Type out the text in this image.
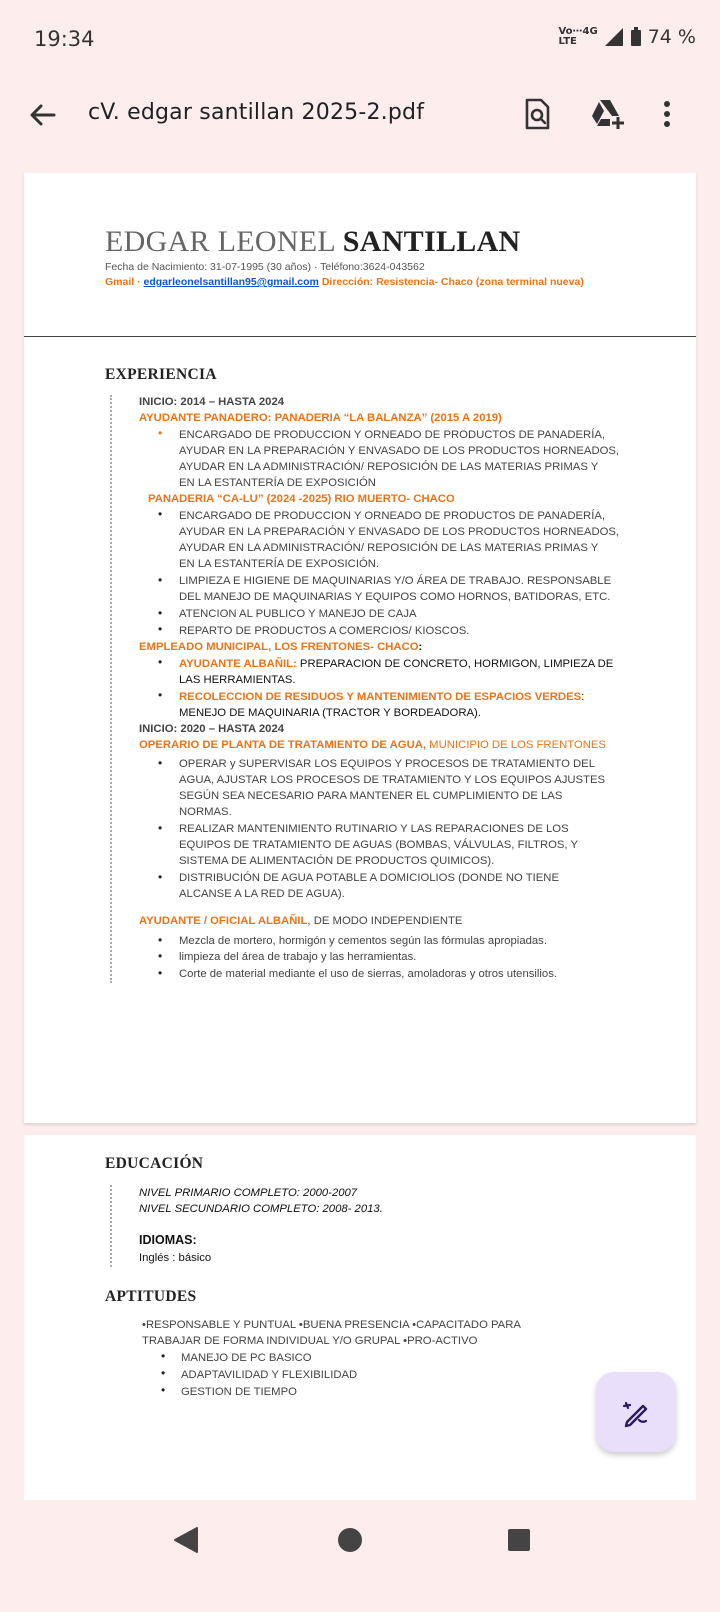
19:34	Vo⋯4G
LTE	74 %
cV. edgar santillan 2025-2.pdf
EDGAR LEONEL SANTILLAN
Fecha de Nacimiento: 31-07-1995 (30 años) · Teléfono:3624-043562
Gmail · edgarleonelsantillan95@gmail.com Dirección: Resistencia- Chaco (zona terminal nueva)
EXPERIENCIA
INICIO: 2014 – HASTA 2024
AYUDANTE PANADERO: PANADERIA “LA BALANZA” (2015 A 2019)
• ENCARGADO DE PRODUCCION Y ORNEADO DE PRODUCTOS DE PANADERÍA,
AYUDAR EN LA PREPARACIÓN Y ENVASADO DE LOS PRODUCTOS HORNEADOS,
AYUDAR EN LA ADMINISTRACIÓN/ REPOSICIÓN DE LAS MATERIAS PRIMAS Y
EN LA ESTANTERÍA DE EXPOSICIÓN
PANADERIA “CA-LU” (2024 -2025) RIO MUERTO- CHACO
• ENCARGADO DE PRODUCCION Y ORNEADO DE PRODUCTOS DE PANADERÍA,
AYUDAR EN LA PREPARACIÓN Y ENVASADO DE LOS PRODUCTOS HORNEADOS,
AYUDAR EN LA ADMINISTRACIÓN/ REPOSICIÓN DE LAS MATERIAS PRIMAS Y
EN LA ESTANTERÍA DE EXPOSICIÓN.
• LIMPIEZA E HIGIENE DE MAQUINARIAS Y/O ÁREA DE TRABAJO. RESPONSABLE
DEL MANEJO DE MAQUINARIAS Y EQUIPOS COMO HORNOS, BATIDORAS, ETC.
• ATENCION AL PUBLICO Y MANEJO DE CAJA
• REPARTO DE PRODUCTOS A COMERCIOS/ KIOSCOS.
EMPLEADO MUNICIPAL, LOS FRENTONES- CHACO:
• AYUDANTE ALBAÑIL: PREPARACION DE CONCRETO, HORMIGON, LIMPIEZA DE
LAS HERRAMIENTAS.
• RECOLECCION DE RESIDUOS Y MANTENIMIENTO DE ESPACIOS VERDES:
MENEJO DE MAQUINARIA (TRACTOR Y BORDEADORA).
INICIO: 2020 – HASTA 2024
OPERARIO DE PLANTA DE TRATAMIENTO DE AGUA, MUNICIPIO DE LOS FRENTONES
• OPERAR y SUPERVISAR LOS EQUIPOS Y PROCESOS DE TRATAMIENTO DEL
AGUA, AJUSTAR LOS PROCESOS DE TRATAMIENTO Y LOS EQUIPOS AJUSTES
SEGÚN SEA NECESARIO PARA MANTENER EL CUMPLIMIENTO DE LAS
NORMAS.
• REALIZAR MANTENIMIENTO RUTINARIO Y LAS REPARACIONES DE LOS
EQUIPOS DE TRATAMIENTO DE AGUAS (BOMBAS, VÁLVULAS, FILTROS, Y
SISTEMA DE ALIMENTACIÓN DE PRODUCTOS QUIMICOS).
• DISTRIBUCIÓN DE AGUA POTABLE A DOMICIOLIOS (DONDE NO TIENE
ALCANSE A LA RED DE AGUA).
AYUDANTE / OFICIAL ALBAÑIL, DE MODO INDEPENDIENTE
• Mezcla de mortero, hormigón y cementos según las fórmulas apropiadas.
• limpieza del área de trabajo y las herramientas.
• Corte de material mediante el uso de sierras, amoladoras y otros utensilios.
EDUCACIÓN
NIVEL PRIMARIO COMPLETO: 2000-2007
NIVEL SECUNDARIO COMPLETO: 2008- 2013.
IDIOMAS:
Inglés : básico
APTITUDES
•RESPONSABLE Y PUNTUAL •BUENA PRESENCIA •CAPACITADO PARA
TRABAJAR DE FORMA INDIVIDUAL Y/O GRUPAL •PRO-ACTIVO
• MANEJO DE PC BASICO
• ADAPTAVILIDAD Y FLEXIBILIDAD
• GESTION DE TIEMPO
